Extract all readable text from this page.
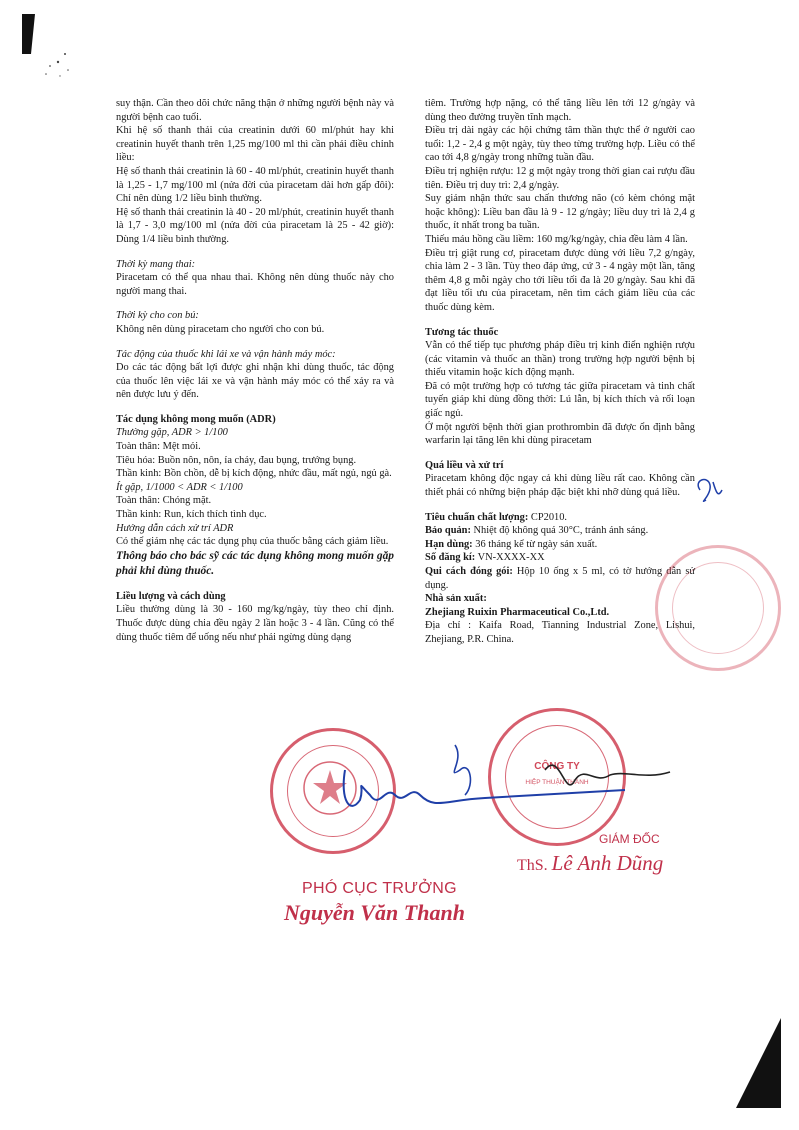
suy thận. Cần theo dõi chức năng thận ở những người bệnh này và người bệnh cao tuổi.

Khi hệ số thanh thải của creatinin dưới 60 ml/phút hay khi creatinin huyết thanh trên 1,25 mg/100 ml thì cần phải điều chỉnh liều:

Hệ số thanh thải creatinin là 60 - 40 ml/phút, creatinin huyết thanh là 1,25 - 1,7 mg/100 ml (nửa đời của piracetam dài hơn gấp đôi): Chỉ nên dùng 1/2 liều bình thường.

Hệ số thanh thải creatinin là 40 - 20 ml/phút, creatinin huyết thanh là 1,7 - 3,0 mg/100 ml (nửa đời của piracetam là 25 - 42 giờ): Dùng 1/4 liều bình thường.

Thời kỳ mang thai:

Piracetam có thể qua nhau thai. Không nên dùng thuốc này cho người mang thai.

Thời kỳ cho con bú:

Không nên dùng piracetam cho người cho con bú.

Tác động của thuốc khi lái xe và vận hành máy móc:

Do các tác động bất lợi được ghi nhận khi dùng thuốc, tác động của thuốc lên việc lái xe và vận hành máy móc có thể xảy ra và nên được lưu ý đến.

Tác dụng không mong muốn (ADR)

Thường gặp, ADR > 1/100

Toàn thân: Mệt mỏi.

Tiêu hóa: Buồn nôn, nôn, ỉa chảy, đau bụng, trướng bụng.

Thần kinh: Bồn chồn, dễ bị kích động, nhức đầu, mất ngủ, ngủ gà.

Ít gặp, 1/1000 < ADR < 1/100

Toàn thân: Chóng mặt.

Thần kinh: Run, kích thích tình dục.

Hướng dẫn cách xử trí ADR

Có thể giảm nhẹ các tác dụng phụ của thuốc bằng cách giảm liều.

Thông báo cho bác sỹ các tác dụng không mong muốn gặp phải khi dùng thuốc.

Liều lượng và cách dùng

Liều thường dùng là 30 - 160 mg/kg/ngày, tùy theo chỉ định. Thuốc được dùng chia đều ngày 2 lần hoặc 3 - 4 lần. Cũng có thể dùng thuốc tiêm để uống nếu như phải ngừng dùng dạng

tiêm. Trường hợp nặng, có thể tăng liều lên tới 12 g/ngày và dùng theo đường truyền tĩnh mạch.

Điều trị dài ngày các hội chứng tâm thần thực thể ở người cao tuổi: 1,2 - 2,4 g một ngày, tùy theo từng trường hợp. Liều có thể cao tới 4,8 g/ngày trong những tuần đầu.

Điều trị nghiện rượu: 12 g một ngày trong thời gian cai rượu đầu tiên. Điều trị duy trì: 2,4 g/ngày.

Suy giảm nhận thức sau chấn thương não (có kèm chóng mặt hoặc không): Liều ban đầu là 9 - 12 g/ngày; liều duy trì là 2,4 g thuốc, ít nhất trong ba tuần.

Thiếu máu hồng cầu liềm: 160 mg/kg/ngày, chia đều làm 4 lần.

Điều trị giật rung cơ, piracetam được dùng với liều 7,2 g/ngày, chia làm 2 - 3 lần. Tùy theo đáp ứng, cứ 3 - 4 ngày một lần, tăng thêm 4,8 g mỗi ngày cho tới liều tối đa là 20 g/ngày. Sau khi đã đạt liều tối ưu của piracetam, nên tìm cách giảm liều của các thuốc dùng kèm.

Tương tác thuốc

Vẫn có thể tiếp tục phương pháp điều trị kinh điển nghiện rượu (các vitamin và thuốc an thần) trong trường hợp người bệnh bị thiếu vitamin hoặc kích động mạnh.

Đã có một trường hợp có tương tác giữa piracetam và tinh chất tuyến giáp khi dùng đồng thời: Lú lẫn, bị kích thích và rối loạn giấc ngủ.

Ở một người bệnh thời gian prothrombin đã được ổn định bằng warfarin lại tăng lên khi dùng piracetam

Quá liều và xử trí

Piracetam không độc ngay cả khi dùng liều rất cao. Không cần thiết phải có những biện pháp đặc biệt khi nhỡ dùng quá liều.

Tiêu chuẩn chất lượng: CP2010.

Bảo quản: Nhiệt độ không quá 30°C, tránh ánh sáng.

Hạn dùng: 36 tháng kể từ ngày sản xuất.

Số đăng kí: VN-XXXX-XX

Qui cách đóng gói: Hộp 10 ống x 5 ml, có tờ hướng dẫn sử dụng.

Nhà sản xuất:

Zhejiang Ruixin Pharmaceutical Co.,Ltd.

Địa chỉ : Kaifa Road, Tianning Industrial Zone, Lishui, Zhejiang, P.R. China.

CÔNG TY
HIỆP THUẬN THÀNH
GIÁM ĐỐC
ThS. Lê Anh Dũng
PHÓ CỤC TRƯỞNG
Nguyễn Văn Thanh
